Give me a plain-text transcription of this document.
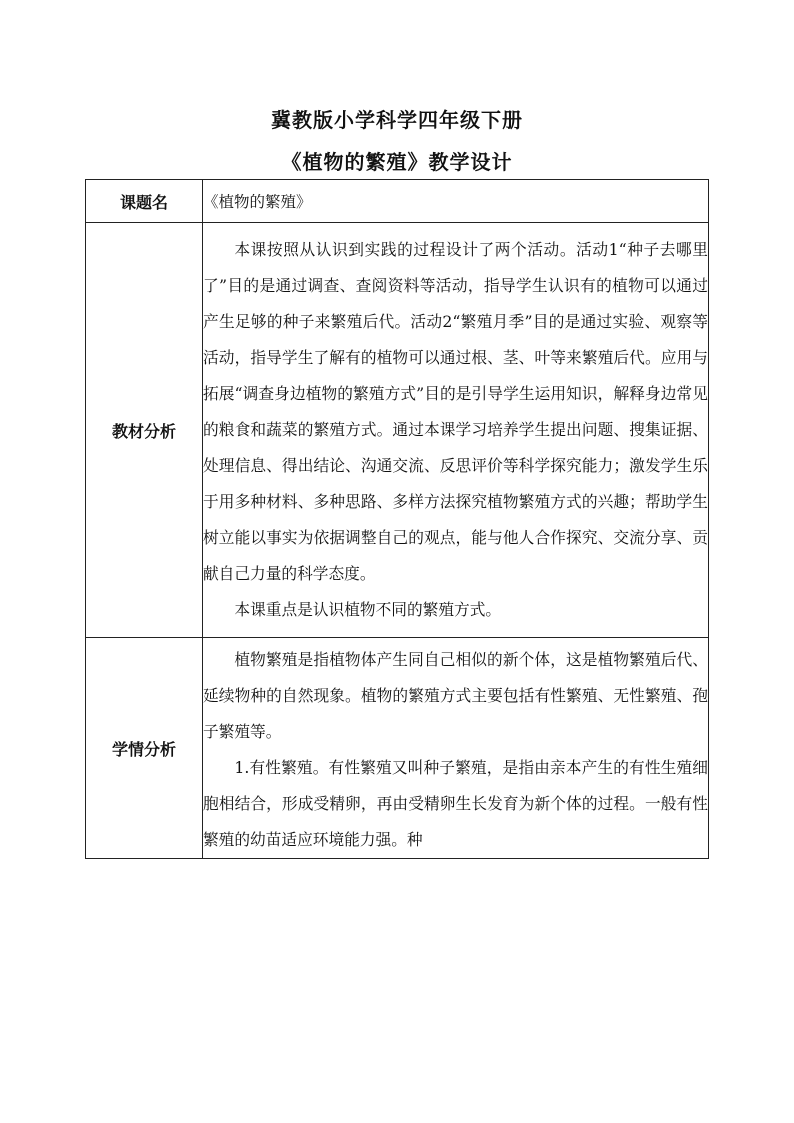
冀教版小学科学四年级下册
《植物的繁殖》教学设计
课题名	《植物的繁殖》
教材分析	本课按照从认识到实践的过程设计了两个活动。活动1“种子去哪里了”目的是通过调查、查阅资料等活动，指导学生认识有的植物可以通过产生足够的种子来繁殖后代。活动2“繁殖月季”目的是通过实验、观察等活动，指导学生了解有的植物可以通过根、茎、叶等来繁殖后代。应用与拓展“调查身边植物的繁殖方式”目的是引导学生运用知识，解释身边常见的粮食和蔬菜的繁殖方式。通过本课学习培养学生提出问题、搜集证据、处理信息、得出结论、沟通交流、反思评价等科学探究能力；激发学生乐于用多种材料、多种思路、多样方法探究植物繁殖方式的兴趣；帮助学生树立能以事实为依据调整自己的观点，能与他人合作探究、交流分享、贡献自己力量的科学态度。

本课重点是认识植物不同的繁殖方式。

学情分析	植物繁殖是指植物体产生同自己相似的新个体，这是植物繁殖后代、延续物种的自然现象。植物的繁殖方式主要包括有性繁殖、无性繁殖、孢子繁殖等。

1.有性繁殖。有性繁殖又叫种子繁殖，是指由亲本产生的有性生殖细胞相结合，形成受精卵，再由受精卵生长发育为新个体的过程。一般有性繁殖的幼苗适应环境能力强。种
